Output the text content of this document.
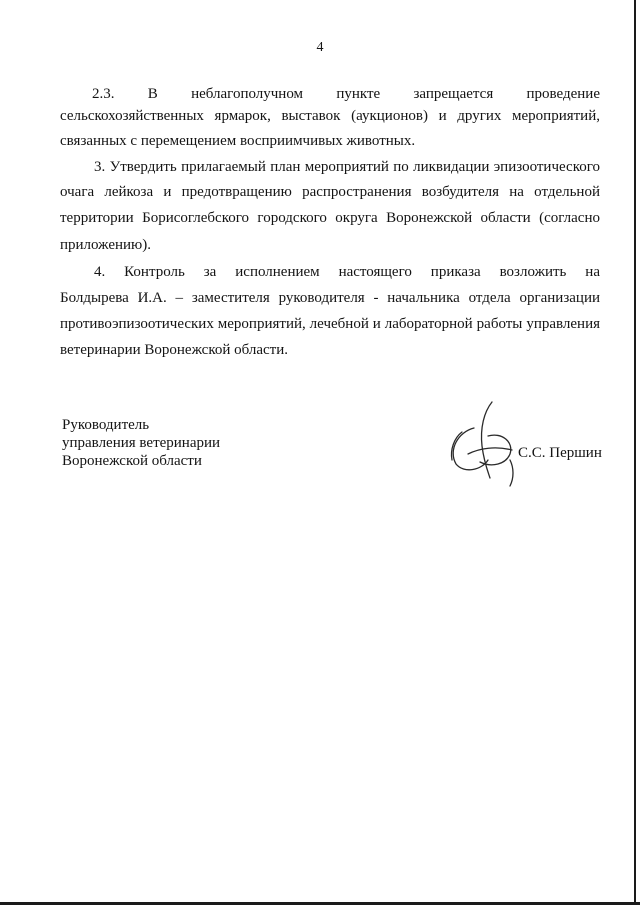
4
2.3. В неблагополучном пункте запрещается проведение
сельскохозяйственных ярмарок, выставок (аукционов) и других мероприятий,
связанных с перемещением восприимчивых животных.
3. Утвердить прилагаемый план мероприятий по ликвидации эпизоотического
очага лейкоза и предотвращению распространения возбудителя на отдельной
территории Борисоглебского городского округа Воронежской области (согласно
приложению).
4. Контроль за исполнением настоящего приказа возложить на
Болдырева И.А. – заместителя руководителя - начальника отдела организации
противоэпизоотических мероприятий, лечебной и лабораторной работы управления
ветеринарии Воронежской области.
Руководитель
управления ветеринарии
Воронежской области	С.С. Першин
